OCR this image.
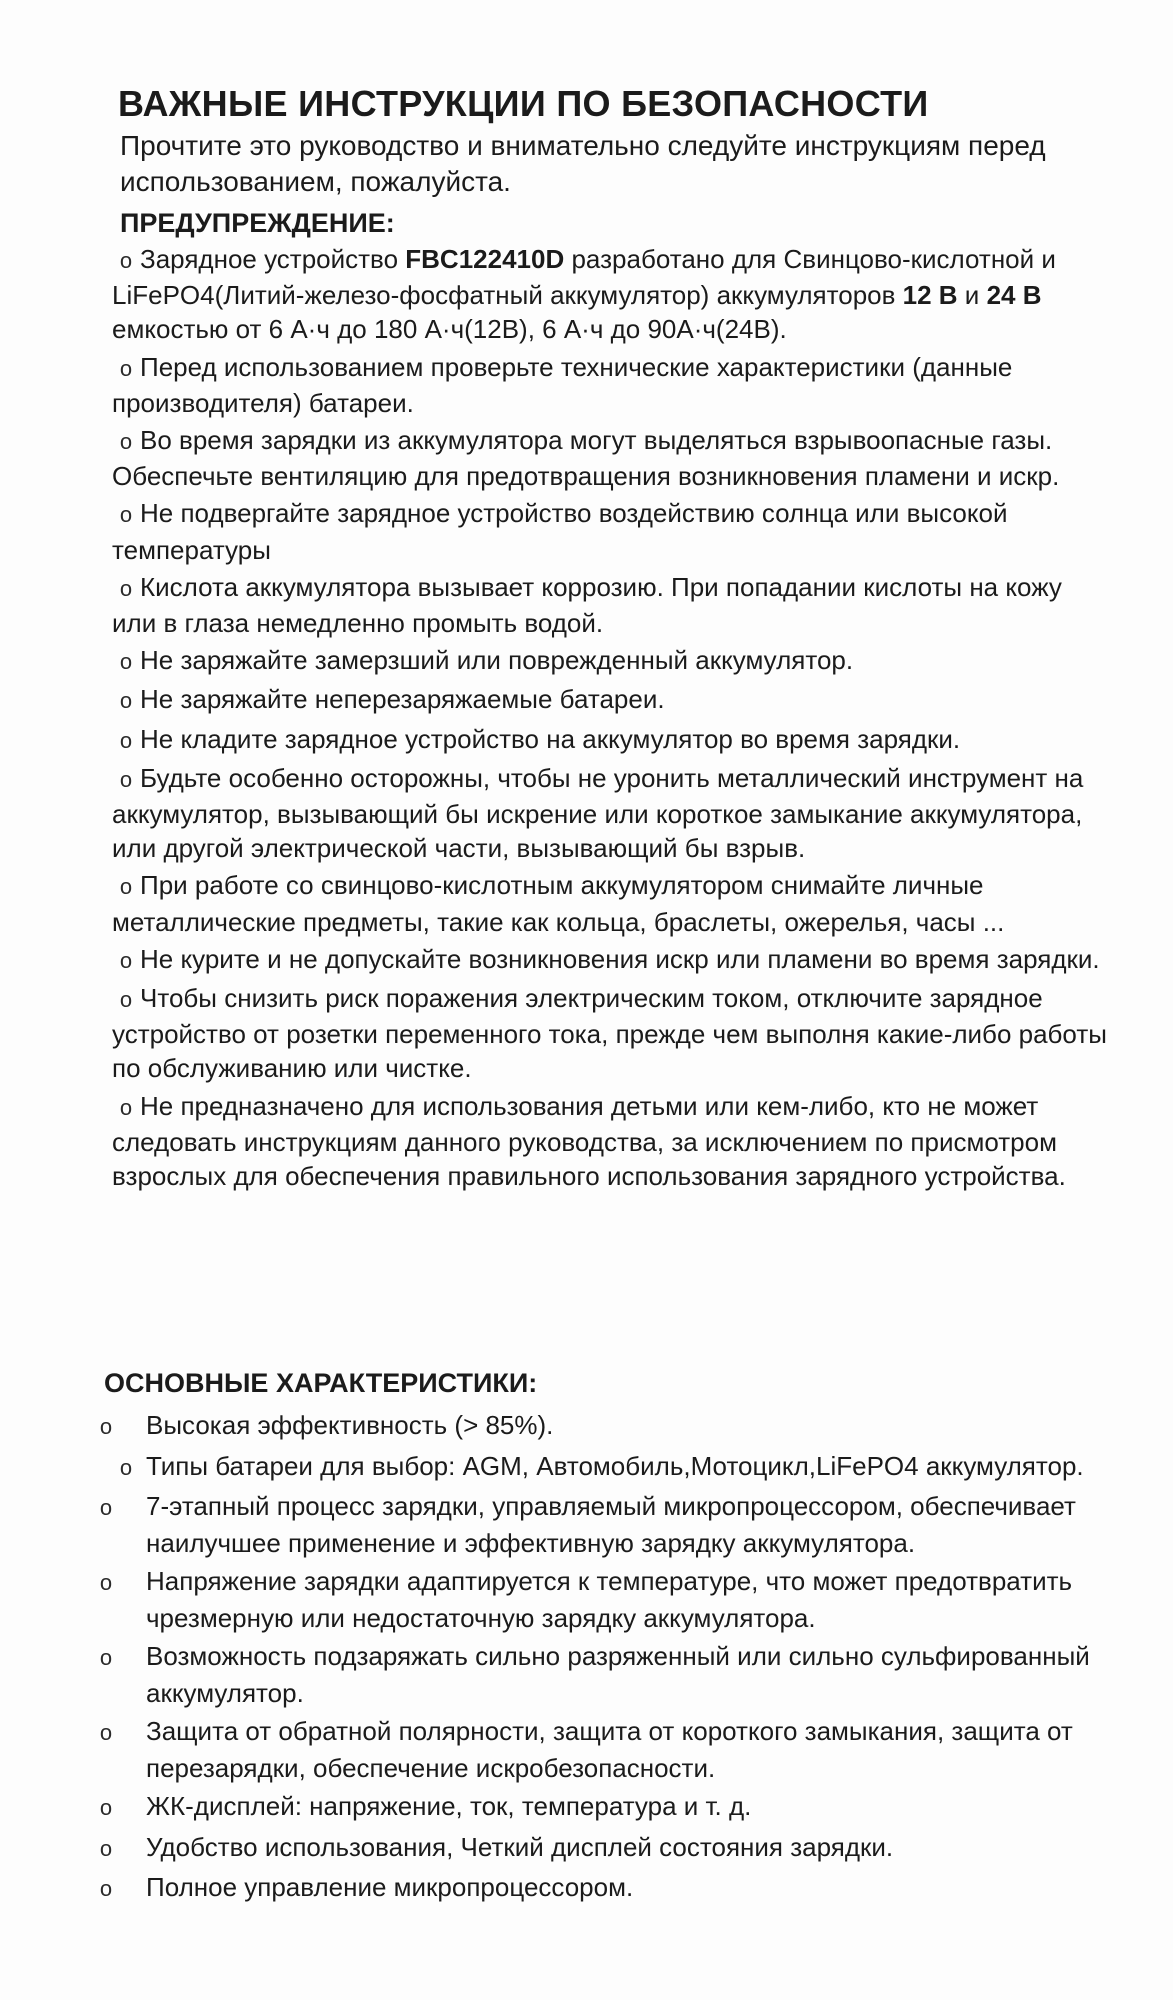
ВАЖНЫЕ ИНСТРУКЦИИ ПО БЕЗОПАСНОСТИ

Прочтите это руководство и внимательно следуйте инструкциям перед использованием, пожалуйста.

ПРЕДУПРЕЖДЕНИЕ:
о Зарядное устройство FBC122410D разработано для Свинцово-кислотной и LiFePO4(Литий-железо-фосфатный аккумулятор) аккумуляторов 12 В и 24 В емкостью от 6 А·ч до 180 А·ч(12В), 6 А·ч до 90А·ч(24В).
о Перед использованием проверьте технические характеристики (данные производителя) батареи.
о Во время зарядки из аккумулятора могут выделяться взрывоопасные газы. Обеспечьте вентиляцию для предотвращения возникновения пламени и искр.
о Не подвергайте зарядное устройство воздействию солнца или высокой температуры
о Кислота аккумулятора вызывает коррозию. При попадании кислоты на кожу или в глаза немедленно промыть водой.
о Не заряжайте замерзший или поврежденный аккумулятор.
о Не заряжайте неперезаряжаемые батареи.
о Не кладите зарядное устройство на аккумулятор во время зарядки.
о Будьте особенно осторожны, чтобы не уронить металлический инструмент на аккумулятор, вызывающий бы искрение или короткое замыкание аккумулятора, или другой электрической части, вызывающий бы взрыв.
о При работе со свинцово-кислотным аккумулятором снимайте личные металлические предметы, такие как кольца, браслеты, ожерелья, часы ...
о Не курите и не допускайте возникновения искр или пламени во время зарядки.
о Чтобы снизить риск поражения электрическим током, отключите зарядное устройство от розетки переменного тока, прежде чем выполня какие-либо работы по обслуживанию или чистке.
о Не предназначено для использования детьми или кем-либо, кто не может следовать инструкциям данного руководства, за исключением по присмотром взрослых для обеспечения правильного использования зарядного устройства.
ОСНОВНЫЕ ХАРАКТЕРИСТИКИ:
о Высокая эффективность (> 85%).
о Типы батареи для выбор: AGM, Автомобиль,Мотоцикл,LiFePO4 аккумулятор.
о 7-этапный процесс зарядки, управляемый микропроцессором, обеспечивает наилучшее применение и эффективную зарядку аккумулятора.
о Напряжение зарядки адаптируется к температуре, что может предотвратить чрезмерную или недостаточную зарядку аккумулятора.
о Возможность подзаряжать сильно разряженный или сильно сульфированный аккумулятор.
о Защита от обратной полярности, защита от короткого замыкания, защита от перезарядки, обеспечение искробезопасности.
о ЖК-дисплей: напряжение, ток, температура и т. д.
о Удобство использования, Четкий дисплей состояния зарядки.
о Полное управление микропроцессором.
